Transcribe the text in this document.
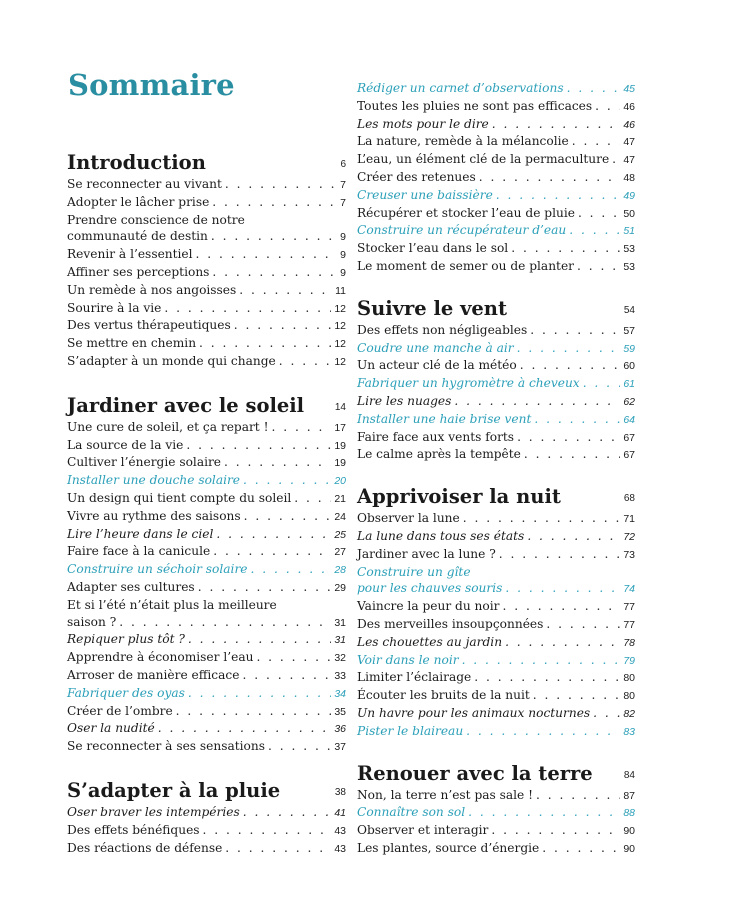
Sommaire
Introduction	6
Se reconnecter au vivant . . .	7
Adopter le lâcher prise . . .	7
Prendre conscience de notre
communauté de destin . . .	9
Revenir à l’essentiel . . .	9
Affiner ses perceptions . . .	9
Un remède à nos angoisses . . .	11
Sourire à la vie . . .	12
Des vertus thérapeutiques . . .	12
Se mettre en chemin . . .	12
S’adapter à un monde qui change . . .	12
Jardiner avec le soleil	14
Une cure de soleil, et ça repart ! . . .	17
La source de la vie . . .	19
Cultiver l’énergie solaire . . .	19
Installer une douche solaire . . .	20
Un design qui tient compte du soleil . . .	21
Vivre au rythme des saisons . . .	24
Lire l’heure dans le ciel . . .	25
Faire face à la canicule . . .	27
Construire un séchoir solaire . . .	28
Adapter ses cultures . . .	29
Et si l’été n’était plus la meilleure
saison ? . . .	31
Repiquer plus tôt ? . . .	31
Apprendre à économiser l’eau . . .	32
Arroser de manière efficace . . .	33
Fabriquer des oyas . . .	34
Créer de l’ombre . . .	35
Oser la nudité . . .	36
Se reconnecter à ses sensations . . .	37
S’adapter à la pluie	38
Oser braver les intempéries . . .	41
Des effets bénéfiques . . .	43
Des réactions de défense . . .	43
Rédiger un carnet d’observations . . .	45
Toutes les pluies ne sont pas efficaces . . .	46
Les mots pour le dire . . .	46
La nature, remède à la mélancolie . . .	47
L’eau, un élément clé de la permaculture . . . 47
Créer des retenues . . .	48
Creuser une baissière . . .	49
Récupérer et stocker l’eau de pluie . . .	50
Construire un récupérateur d’eau . . .	51
Stocker l’eau dans le sol . . .	53
Le moment de semer ou de planter . . .	53
Suivre le vent	54
Des effets non négligeables . . .	57
Coudre une manche à air . . .	59
Un acteur clé de la météo . . .	60
Fabriquer un hygromètre à cheveux . . .	61
Lire les nuages . . .	62
Installer une haie brise vent . . .	64
Faire face aux vents forts . . .	67
Le calme après la tempête . . .	67
Apprivoiser la nuit	68
Observer la lune . . .	71
La lune dans tous ses états . . .	72
Jardiner avec la lune ? . . .	73
Construire un gîte
pour les chauves souris . . .	74
Vaincre la peur du noir . . .	77
Des merveilles insoupçonnées . . .	77
Les chouettes au jardin . . .	78
Voir dans le noir . . .	79
Limiter l’éclairage . . .	80
Écouter les bruits de la nuit . . .	80
Un havre pour les animaux nocturnes . . .	82
Pister le blaireau . . .	83
Renouer avec la terre	84
Non, la terre n’est pas sale ! . . .	87
Connaître son sol . . .	88
Observer et interagir . . .	90
Les plantes, source d’énergie . . .	90
